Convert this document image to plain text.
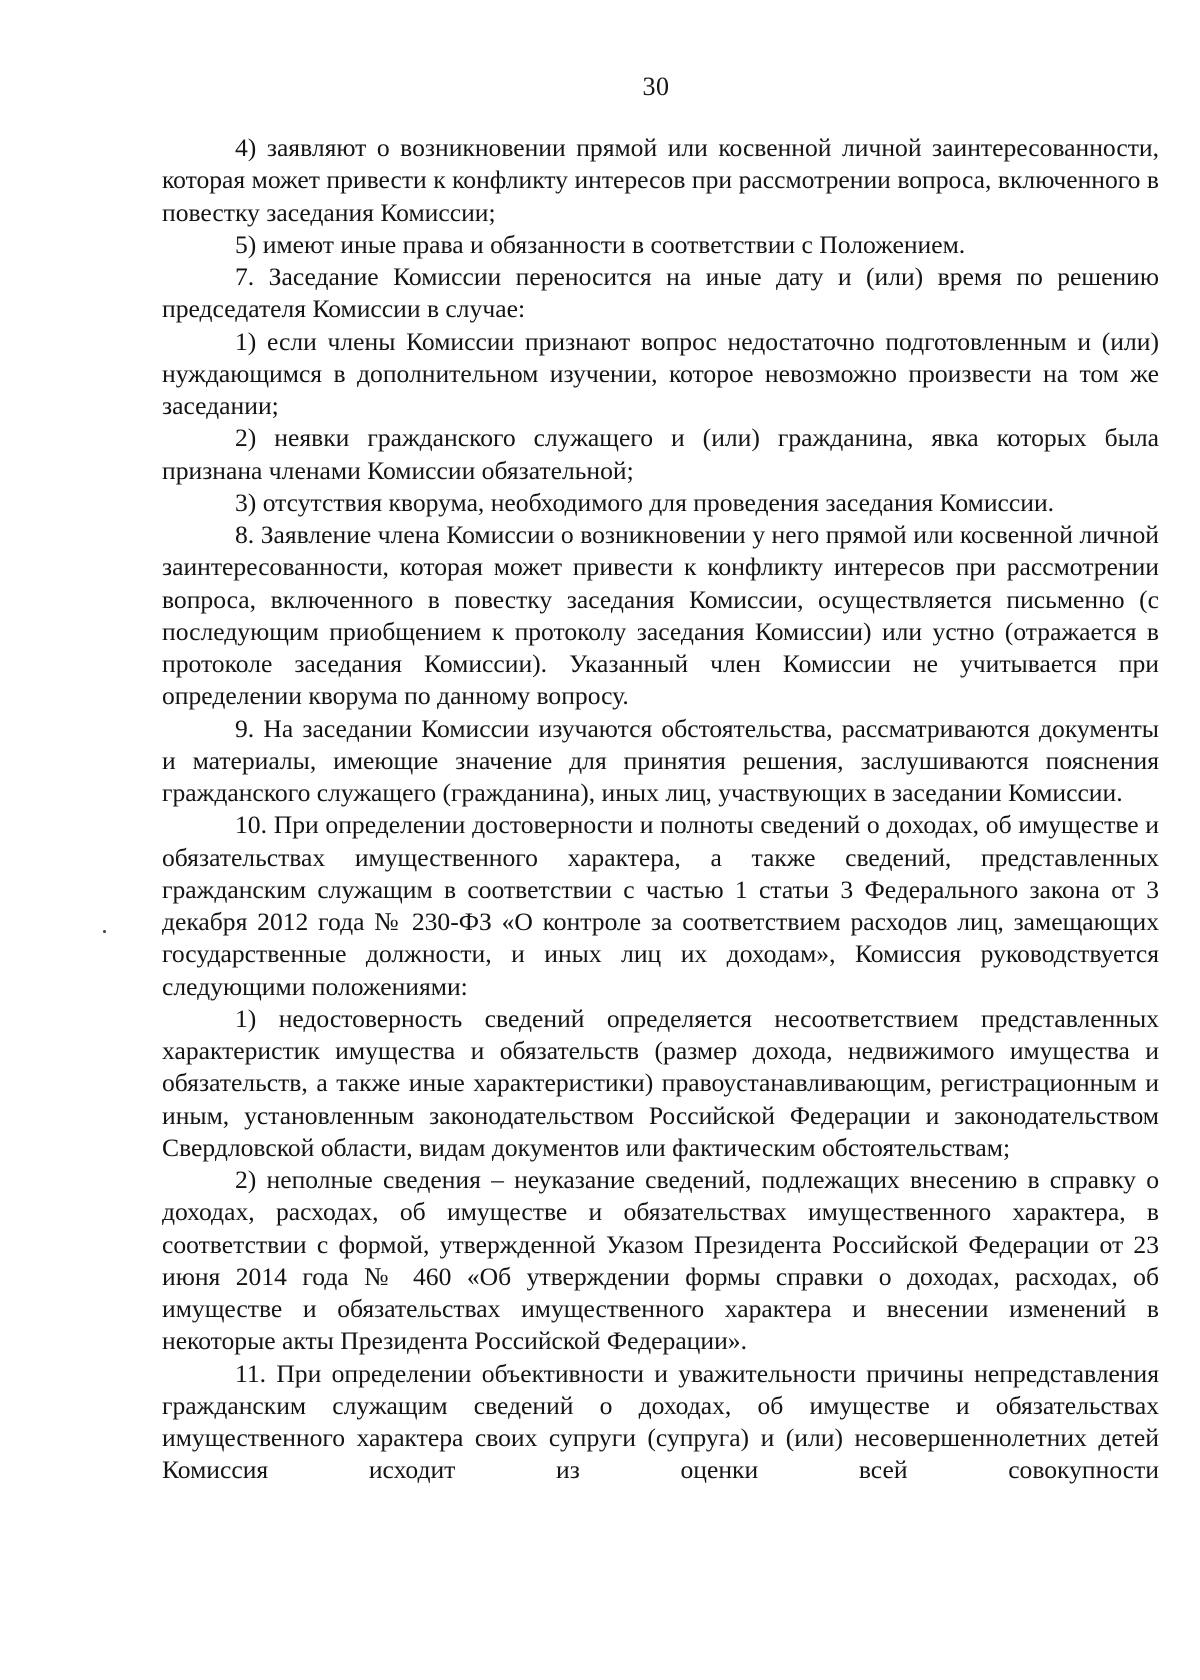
30

4) заявляют о возникновении прямой или косвенной личной заинтересованности, которая может привести к конфликту интересов при рассмотрении вопроса, включенного в повестку заседания Комиссии;

5) имеют иные права и обязанности в соответствии с Положением.

7. Заседание Комиссии переносится на иные дату и (или) время по решению председателя Комиссии в случае:

1) если члены Комиссии признают вопрос недостаточно подготовленным и (или) нуждающимся в дополнительном изучении, которое невозможно произвести на том же заседании;

2) неявки гражданского служащего и (или) гражданина, явка которых была признана членами Комиссии обязательной;

3) отсутствия кворума, необходимого для проведения заседания Комиссии.

8. Заявление члена Комиссии о возникновении у него прямой или косвенной личной заинтересованности, которая может привести к конфликту интересов при рассмотрении вопроса, включенного в повестку заседания Комиссии, осуществляется письменно (с последующим приобщением к протоколу заседания Комиссии) или устно (отражается в протоколе заседания Комиссии). Указанный член Комиссии не учитывается при определении кворума по данному вопросу.

9. На заседании Комиссии изучаются обстоятельства, рассматриваются документы и материалы, имеющие значение для принятия решения, заслушиваются пояснения гражданского служащего (гражданина), иных лиц, участвующих в заседании Комиссии.

10. При определении достоверности и полноты сведений о доходах, об имуществе и обязательствах имущественного характера, а также сведений, представленных гражданским служащим в соответствии с частью 1 статьи 3 Федерального закона от 3 декабря 2012 года № 230-ФЗ «О контроле за соответствием расходов лиц, замещающих государственные должности, и иных лиц их доходам», Комиссия руководствуется следующими положениями:

1) недостоверность сведений определяется несоответствием представленных характеристик имущества и обязательств (размер дохода, недвижимого имущества и обязательств, а также иные характеристики) правоустанавливающим, регистрационным и иным, установленным законодательством Российской Федерации и законодательством Свердловской области, видам документов или фактическим обстоятельствам;

2) неполные сведения – неуказание сведений, подлежащих внесению в справку о доходах, расходах, об имуществе и обязательствах имущественного характера, в соответствии с формой, утвержденной Указом Президента Российской Федерации от 23 июня 2014 года № 460 «Об утверждении формы справки о доходах, расходах, об имуществе и обязательствах имущественного характера и внесении изменений в некоторые акты Президента Российской Федерации».

11. При определении объективности и уважительности причины непредставления гражданским служащим сведений о доходах, об имуществе и обязательствах имущественного характера своих супруги (супруга) и (или) несовершеннолетних детей Комиссия исходит из оценки всей совокупности
